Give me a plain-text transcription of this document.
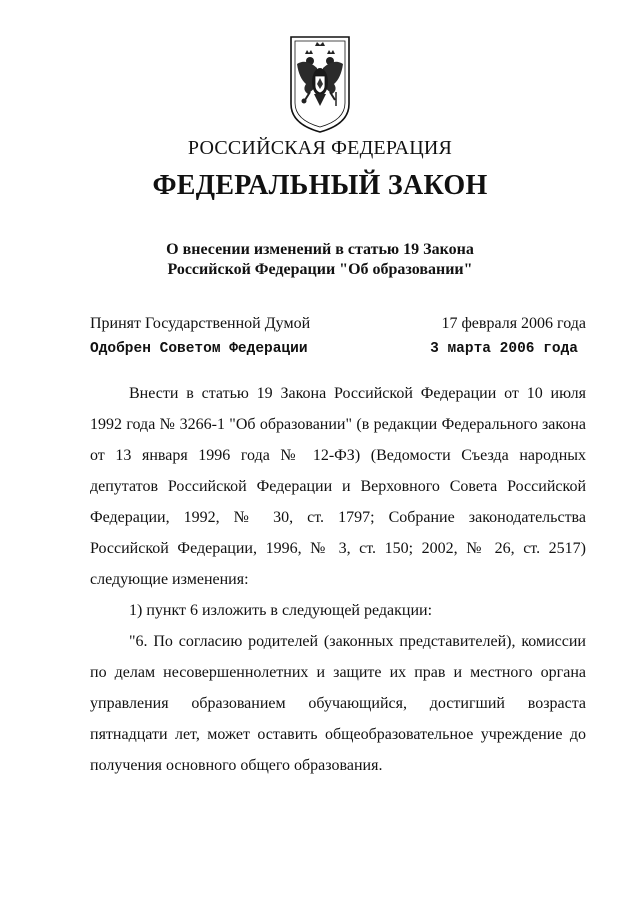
РОССИЙСКАЯ ФЕДЕРАЦИЯ
ФЕДЕРАЛЬНЫЙ ЗАКОН
О внесении изменений в статью 19 Закона
Российской Федерации "Об образовании"
Принят Государственной Думой	17 февраля 2006 года
Одобрен Советом Федерации	3 марта 2006 года

Внести в статью 19 Закона Российской Федерации от 10 июля 1992 года № 3266-1 "Об образовании" (в редакции Федерального закона от 13 января 1996 года № 12-ФЗ) (Ведомости Съезда народных депутатов Российской Федерации и Верховного Совета Российской Федерации, 1992, № 30, ст. 1797; Собрание законодательства Российской Федерации, 1996, № 3, ст. 150; 2002, № 26, ст. 2517) следующие изменения:

1) пункт 6 изложить в следующей редакции:

"6. По согласию родителей (законных представителей), комиссии по делам несовершеннолетних и защите их прав и местного органа управления образованием обучающийся, достигший возраста пятнадцати лет, может оставить общеобразовательное учреждение до получения основного общего образования.
